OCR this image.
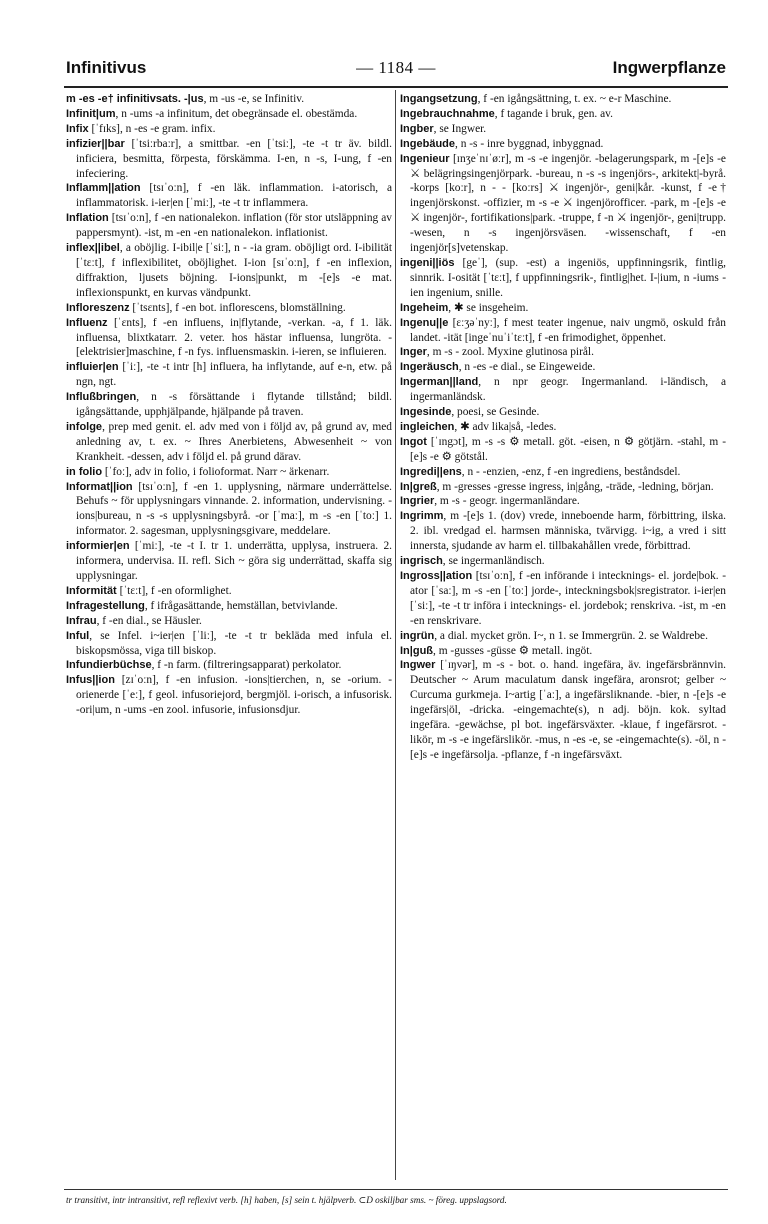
Infinitivus	— 1184 —	Ingwerpflanze
m -es -e† infinitivsats. -|us, m -us -e, se Infinitiv.
Infinit|um, n -ums -a infinitum, det obegränsade el. obestämda.
Infix [ˈfɪks], n -es -e gram. infix.
infizier||bar [ˈtsiːrbaːr], a smittbar. -en [ˈtsiː], -te -t tr äv. bildl. inficiera, besmitta, förpesta, förskämma. I-en, n -s, I-ung, f -en infeciering.
Inflamm||ation [tsɪˈoːn], f -en läk. inflammation. i-atorisch, a inflammatorisk. i-ier|en [ˈmiː], -te -t tr inflammera.
Inflation [tsɪˈoːn], f -en nationalekon. inflation (för stor utsläppning av pappersmynt). -ist, m -en -en nationalekon. inflationist.
inflex||ibel, a oböjlig. I-ibil|e [ˈsiː], n - -ia gram. oböjligt ord. I-ibilität [ˈtɛːt], f inflexibilitet, oböjlighet. I-ion [sɪˈoːn], f -en inflexion, diffraktion, ljusets böjning. I-ions|punkt, m -[e]s -e mat. inflexionspunkt, en kurvas vändpunkt.
Infloreszenz [ˈtsɛnts], f -en bot. inflorescens, blomställning.
Influenz [ˈɛnts], f -en influens, in|flytande, -verkan. -a, f 1. läk. influensa, blixtkatarr. 2. veter. hos hästar influensa, lungröta. -[elektrisier]maschine, f -n fys. influensmaskin. i-ieren, se influieren.
influier|en [ˈiː], -te -t intr [h] influera, ha inflytande, auf e-n, etw. på ngn, ngt.
Influßbringen, n -s försättande i flytande tillstånd; bildl. igångsättande, upphjälpande, hjälpande på traven.
infolge, prep med genit. el. adv med von i följd av, på grund av, med anledning av, t. ex. ~ Ihres Anerbietens, Abwesenheit ~ von Krankheit. -dessen, adv i följd el. på grund därav.
in folio [ˈfoː], adv in folio, i folioformat. Narr ~ ärkenarr.
Informat||ion [tsɪˈoːn], f -en 1. upplysning, närmare underrättelse. Behufs ~ för upplysningars vinnande. 2. information, undervisning. -ions|bureau, n -s -s upplysningsbyrå. -or [ˈmaː], m -s -en [ˈtoː] 1. informator. 2. sagesman, upplysningsgivare, meddelare.
informier|en [ˈmiː], -te -t I. tr 1. underrätta, upplysa, instruera. 2. informera, undervisa. II. refl. Sich ~ göra sig underrättad, skaffa sig upplysningar.
Informität [ˈtɛːt], f -en oformlighet.
Infragestellung, f ifrågasättande, hemställan, betvivlande.
Infrau, f -en dial., se Häusler.
Inful, se Infel. i~ier|en [ˈliː], -te -t tr bekläda med infula el. biskopsmössa, viga till biskop.
Infundierbüchse, f -n farm. (filtreringsapparat) perkolator.
Infus||ion [zɪˈoːn], f -en infusion. -ions|tierchen, n, se -orium. -orienerde [ˈeː], f geol. infusoriejord, bergmjöl. i-orisch, a infusorisk. -ori|um, n -ums -en zool. infusorie, infusionsdjur.
Ingangsetzung, f -en igångsättning, t. ex. ~ e-r Maschine.
Ingebrauchnahme, f tagande i bruk, gen. av.
Ingber, se Ingwer.
Ingebäude, n -s - inre byggnad, inbyggnad.
Ingenieur [ɪnʒeˈnɪˈøːr], m -s -e ingenjör. -belagerungspark, m -[e]s -e ⚔ belägringsingenjörpark. -bureau, n -s -s ingenjörs-, arkitekt|-byrå. -korps [koːr], n - - [koːrs] ⚔ ingenjör-, geni|kår. -kunst, f -e† ingenjörskonst. -offizier, m -s -e ⚔ ingenjörofficer. -park, m -[e]s -e ⚔ ingenjör-, fortifikations|park. -truppe, f -n ⚔ ingenjör-, geni|trupp. -wesen, n -s ingenjörsväsen. -wissenschaft, f -en ingenjör[s]vetenskap.
ingeni||iös [geˈ], (sup. -est) a ingeniös, uppfinningsrik, fintlig, sinnrik. I-osität [ˈtɛːt], f uppfinningsrik-, fintlig|het. I-|ium, n -iums -ien ingenium, snille.
Ingeheim, ✱ se insgeheim.
Ingenu||e [ɛːʒəˈnyː], f mest teater ingenue, naiv ungmö, oskuld från landet. -ität [ingeˈnuˈiˈtɛːt], f -en frimodighet, öppenhet.
Inger, m -s - zool. Myxine glutinosa pirål.
Ingeräusch, n -es -e dial., se Eingeweide.
Ingerman||land, n npr geogr. Ingermanland. i-ländisch, a ingermanländsk.
Ingesinde, poesi, se Gesinde.
ingleichen, ✱ adv lika|så, -ledes.
Ingot [ˈɪngɔt], m -s -s ⚙ metall. göt. -eisen, n ⚙ götjärn. -stahl, m -[e]s -e ⚙ götstål.
Ingredi||ens, n - -enzien, -enz, f -en ingrediens, beståndsdel.
In|greß, m -gresses -gresse ingress, in|gång, -träde, -ledning, början.
Ingrier, m -s - geogr. ingermanländare.
Ingrimm, m -[e]s 1. (dov) vrede, inneboende harm, förbittring, ilska. 2. ibl. vredgad el. harmsen människa, tvärvigg. i~ig, a vred i sitt innersta, sjudande av harm el. tillbakahållen vrede, förbittrad.
ingrisch, se ingermanländisch.
Ingross||ation [tsɪˈoːn], f -en införande i intecknings- el. jorde|bok. -ator [ˈsaː], m -s -en [ˈtoː] jorde-, inteckningsbok|sregistrator. i-ier|en [ˈsiː], -te -t tr införa i intecknings- el. jordebok; renskriva. -ist, m -en -en renskrivare.
ingrün, a dial. mycket grön. I~, n 1. se Immergrün. 2. se Waldrebe.
In|guß, m -gusses -güsse ⚙ metall. ingöt.
Ingwer [ˈɪŋvər], m -s - bot. o. hand. ingefära, äv. ingefärsbrännvin. Deutscher ~ Arum maculatum dansk ingefära, aronsrot; gelber ~ Curcuma gurkmeja. I~artig [ˈaː], a ingefärsliknande. -bier, n -[e]s -e ingefärs|öl, -dricka. -eingemachte(s), n adj. böjn. kok. syltad ingefära. -gewächse, pl bot. ingefärsväxter. -klaue, f ingefärsrot. -likör, m -s -e ingefärslikör. -mus, n -es -e, se -eingemachte(s). -öl, n -[e]s -e ingefärsolja. -pflanze, f -n ingefärsväxt.
tr transitivt, intr intransitivt, refl reflexivt verb. [h] haben, [s] sein t. hjälpverb. ⊂D oskiljbar sms. ~ föreg. uppslagsord.
